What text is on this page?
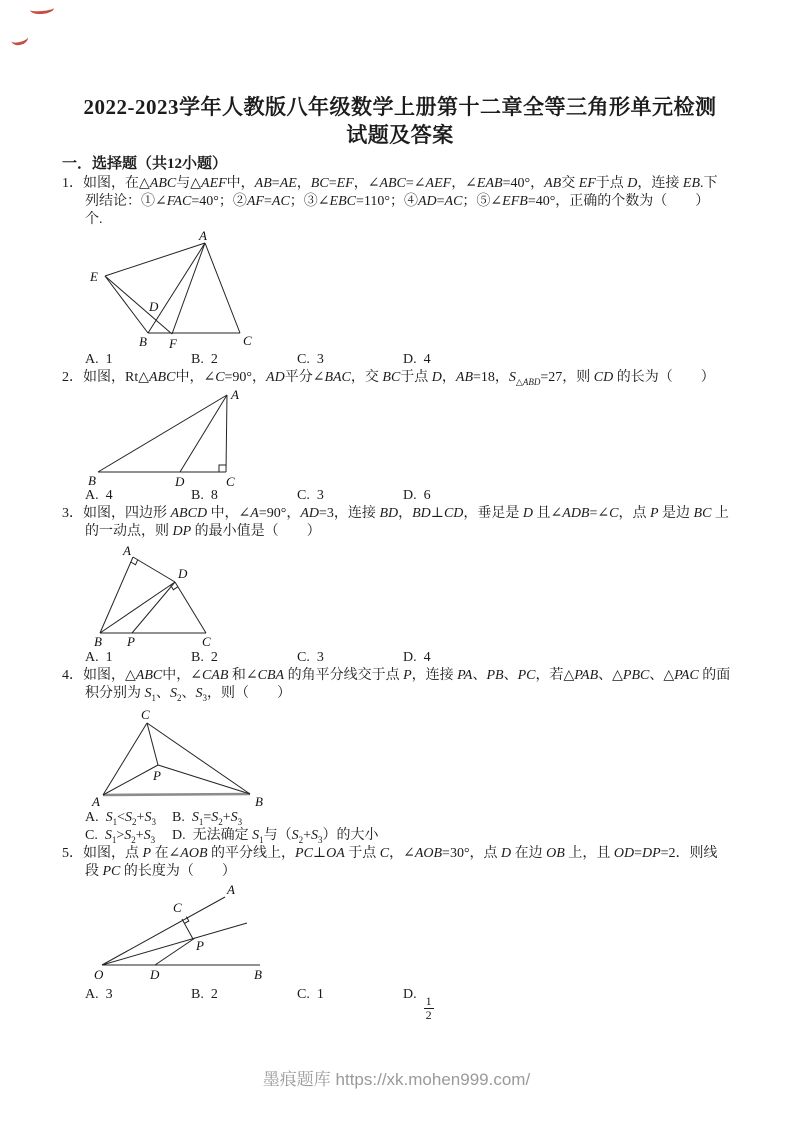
2022-2023学年人教版八年级数学上册第十二章全等三角形单元检测
试题及答案
一．选择题（共12小题）
1．如图，在△ABC与△AEF中，AB=AE，BC=EF，∠ABC=∠AEF，∠EAB=40°，AB交 EF于点 D，连接 EB.下
列结论：①∠FAC=40°；②AF=AC；③∠EBC=110°；④AD=AC；⑤∠EFB=40°，正确的个数为（　　）
个.
A
E
D
B F	C
A. 1	B. 2	C. 3	D. 4
2．如图，Rt△ABC中，∠C=90°，AD平分∠BAC，交 BC于点 D，AB=18，$S_{\triangle ABD}=27$，则 CD 的长为（　　）
A
B	D	C
A. 4	B. 8	C. 3	D. 6
3．如图，四边形 ABCD 中，∠A=90°，AD=3，连接 BD，BD⊥CD，垂足是 D 且∠ADB=∠C，点 P 是边 BC 上
的一动点，则 DP 的最小值是（　　）
A
D
B P	C
A. 1	B. 2	C. 3	D. 4
4．如图，△ABC中，∠CAB 和∠CBA 的角平分线交于点 P，连接 PA、PB、PC，若△PAB、△PBC、△PAC 的面
积分别为 $S_1$、$S_2$、$S_3$，则（　　）
C
P
A	B
A. $S_1<S_2+S_3$ B. $S_1=S_2+S_3$
C. $S_1>S_2+S_3$ D. 无法确定 $S_1$与$(S_2+S_3)$的大小
5．如图，点 P 在∠AOB 的平分线上，PC⊥OA 于点 C，∠AOB=30°，点 D 在边 OB 上，且 OD=DP=2．则线
段 PC 的长度为（　　）
A
C
P
O	D	B
A. 3	B. 2	C. 1	D.
$\frac{1}{2}$
墨痕题库 https://xk.mohen999.com/
